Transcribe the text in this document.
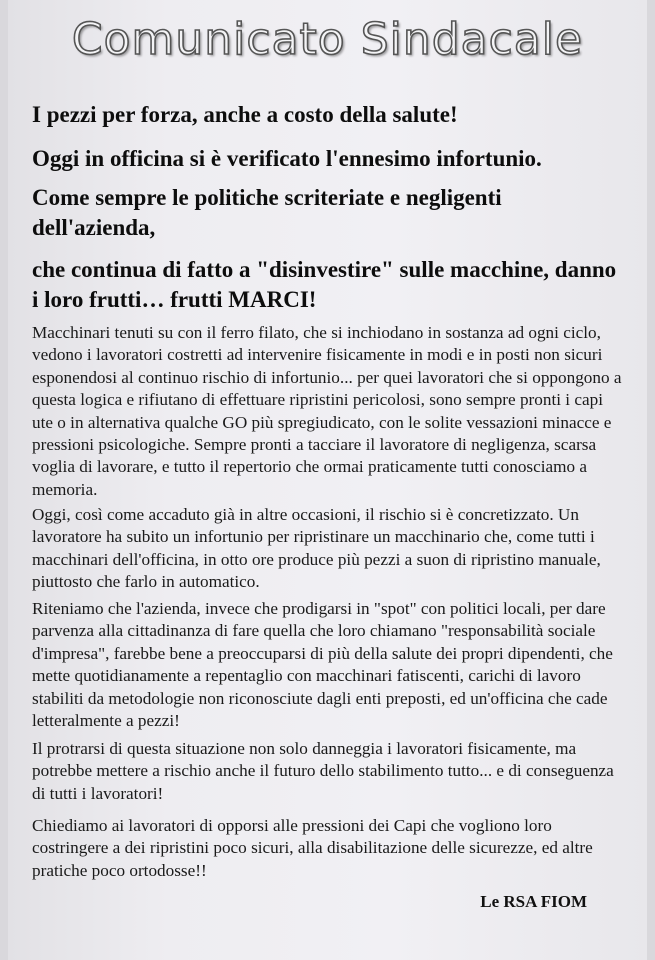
Comunicato Sindacale
I pezzi per forza, anche a costo della salute!
Oggi in officina si è verificato l'ennesimo infortunio.
Come sempre le politiche scriteriate e negligenti dell'azienda,
che continua di fatto a "disinvestire" sulle macchine, danno i loro frutti… frutti MARCI!
Macchinari tenuti su con il ferro filato, che si inchiodano in sostanza ad ogni ciclo, vedono i lavoratori costretti ad intervenire fisicamente in modi e in posti non sicuri esponendosi al continuo rischio di infortunio... per quei lavoratori che si oppongono a questa logica e rifiutano di effettuare ripristini pericolosi, sono sempre pronti i capi ute o in alternativa qualche GO più spregiudicato, con le solite vessazioni minacce e pressioni psicologiche. Sempre pronti a tacciare il lavoratore di negligenza, scarsa voglia di lavorare, e tutto il repertorio che ormai praticamente tutti conosciamo a memoria.
Oggi, così come accaduto già in altre occasioni, il rischio si è concretizzato. Un lavoratore ha subito un infortunio per ripristinare un macchinario che, come tutti i macchinari dell'officina, in otto ore produce più pezzi a suon di ripristino manuale, piuttosto che farlo in automatico.
Riteniamo che l'azienda, invece che prodigarsi in "spot" con politici locali, per dare parvenza alla cittadinanza di fare quella che loro chiamano "responsabilità sociale d'impresa", farebbe bene a preoccuparsi di più della salute dei propri dipendenti, che mette quotidianamente a repentaglio con macchinari fatiscenti, carichi di lavoro stabiliti da metodologie non riconosciute dagli enti preposti, ed un'officina che cade letteralmente a pezzi!
Il protrarsi di questa situazione non solo danneggia i lavoratori fisicamente, ma potrebbe mettere a rischio anche il futuro dello stabilimento tutto... e di conseguenza di tutti i lavoratori!
Chiediamo ai lavoratori di opporsi alle pressioni dei Capi che vogliono loro costringere a dei ripristini poco sicuri, alla disabilitazione delle sicurezze, ed altre pratiche poco ortodosse!!
Le RSA FIOM
